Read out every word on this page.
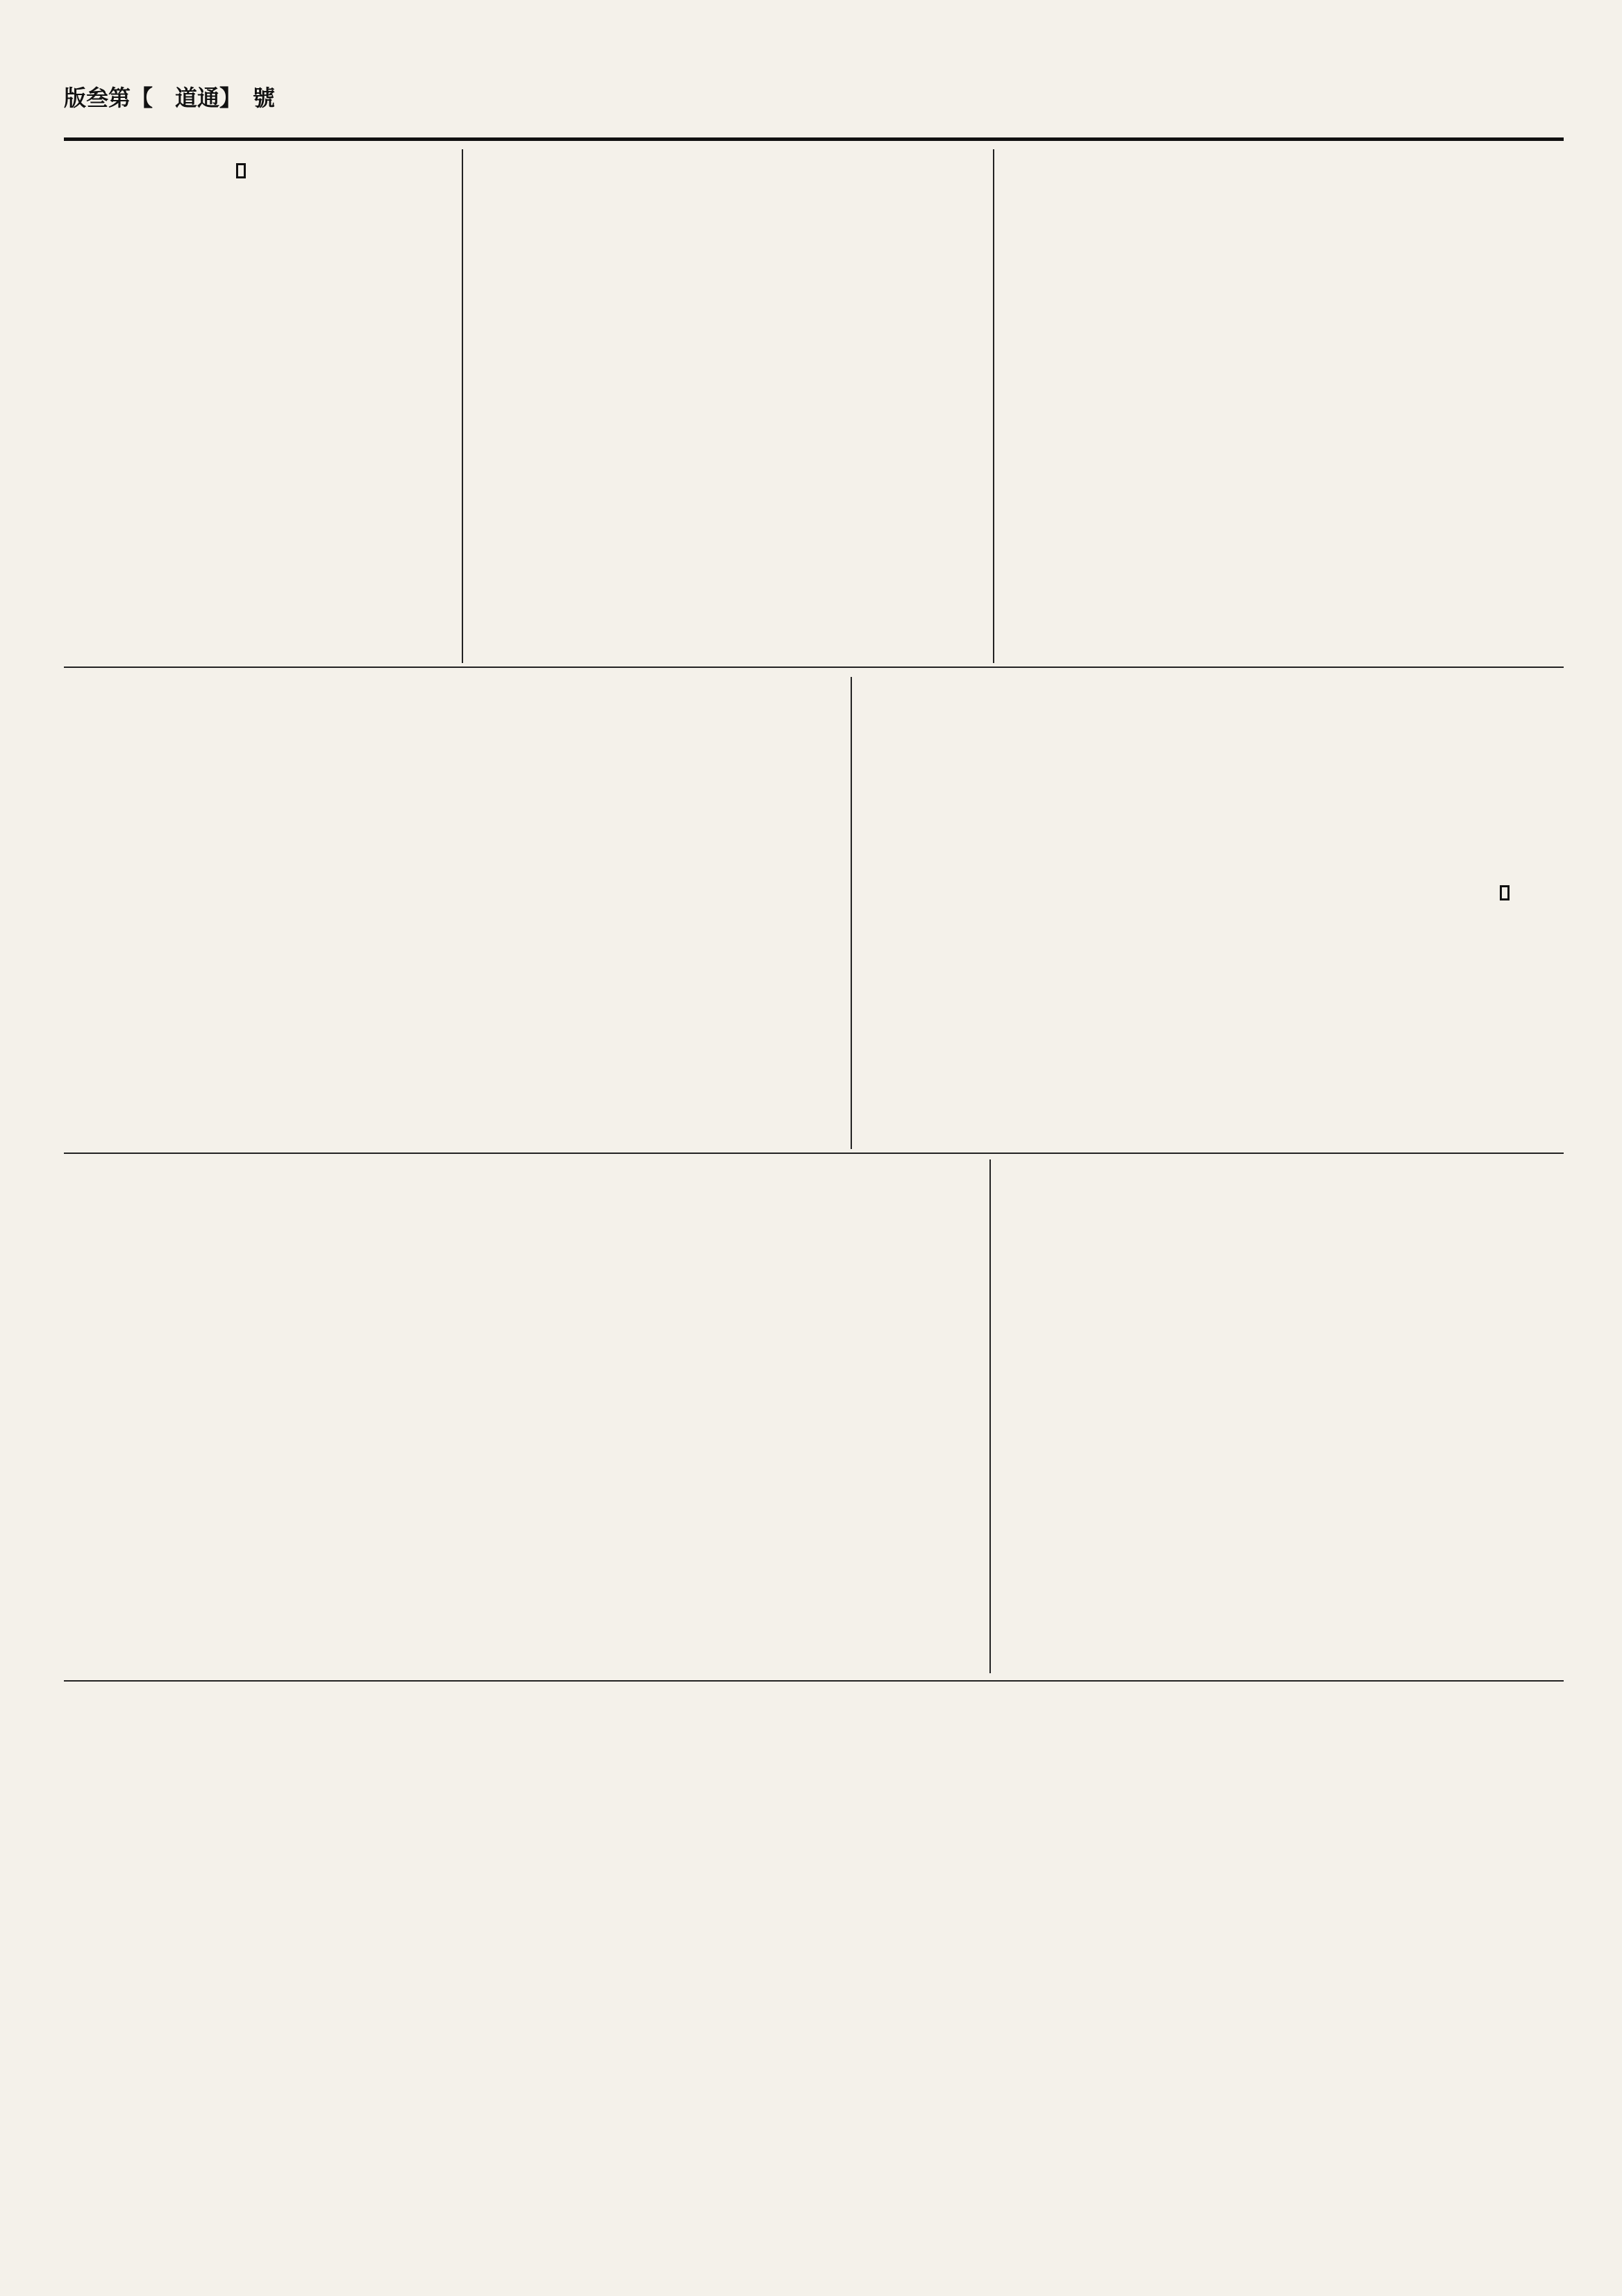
版叁第【　道通】　號
